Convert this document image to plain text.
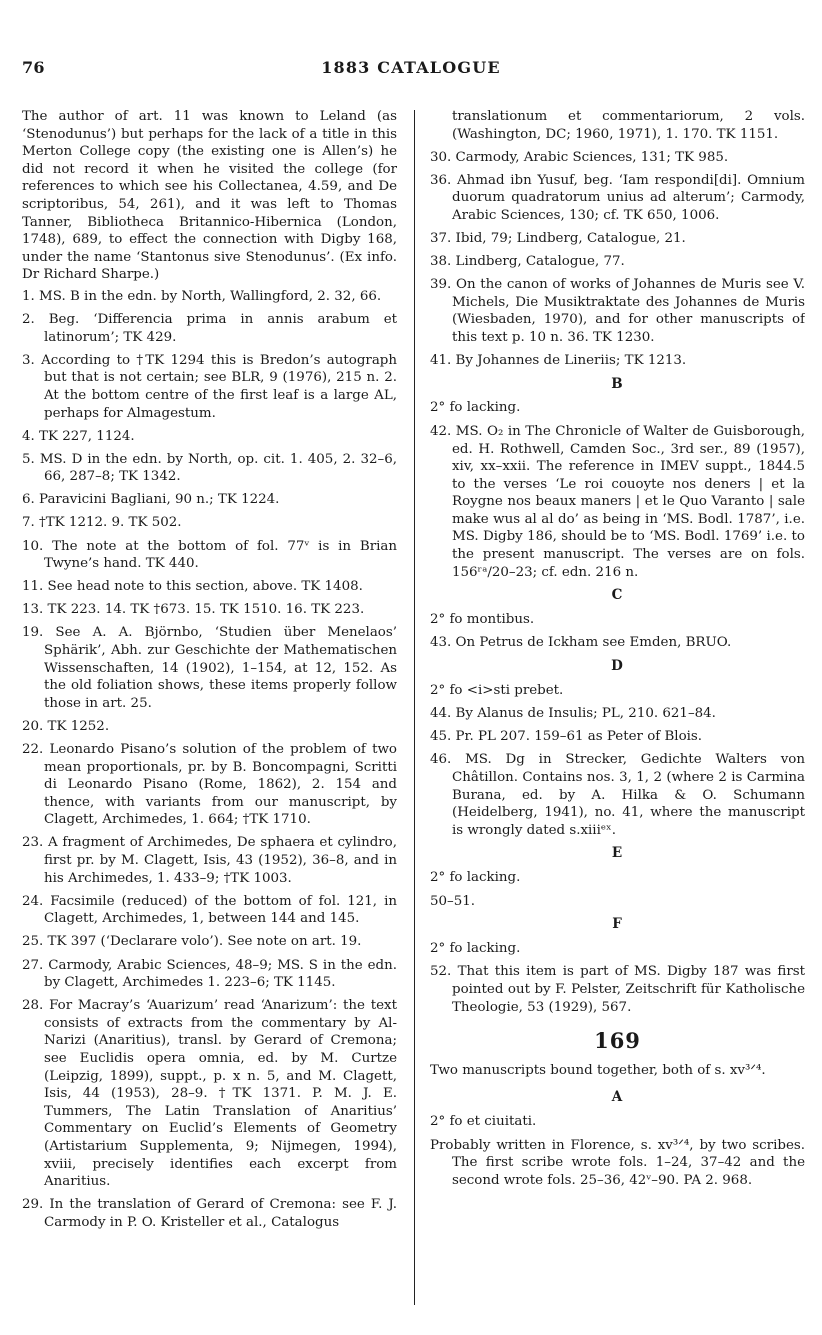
76	1883 CATALOGUE

The author of art. 11 was known to Leland (as ‘Stenodunus’) but perhaps for the lack of a title in this Merton College copy (the existing one is Allen’s) he did not record it when he visited the college (for references to which see his Collectanea, 4.59, and De scriptoribus, 54, 261), and it was left to Thomas Tanner, Bibliotheca Britannico-Hibernica (London, 1748), 689, to effect the connection with Digby 168, under the name ‘Stantonus sive Stenodunus’. (Ex info. Dr Richard Sharpe.)

1. MS. B in the edn. by North, Wallingford, 2. 32, 66.

2. Beg. ‘Differencia prima in annis arabum et latinorum’; TK 429.

3. According to †TK 1294 this is Bredon’s autograph but that is not certain; see BLR, 9 (1976), 215 n. 2. At the bottom centre of the first leaf is a large AL, perhaps for Almagestum.

4. TK 227, 1124.

5. MS. D in the edn. by North, op. cit. 1. 405, 2. 32–6, 66, 287–8; TK 1342.

6. Paravicini Bagliani, 90 n.; TK 1224.

7. †TK 1212. 9. TK 502.

10. The note at the bottom of fol. 77ᵛ is in Brian Twyne’s hand. TK 440.

11. See head note to this section, above. TK 1408.

13. TK 223. 14. TK †673. 15. TK 1510. 16. TK 223.

19. See A. A. Björnbo, ‘Studien über Menelaos’ Sphärik’, Abh. zur Geschichte der Mathematischen Wissenschaften, 14 (1902), 1–154, at 12, 152. As the old foliation shows, these items properly follow those in art. 25.

20. TK 1252.

22. Leonardo Pisano’s solution of the problem of two mean proportionals, pr. by B. Boncompagni, Scritti di Leonardo Pisano (Rome, 1862), 2. 154 and thence, with variants from our manuscript, by Clagett, Archimedes, 1. 664; †TK 1710.

23. A fragment of Archimedes, De sphaera et cylindro, first pr. by M. Clagett, Isis, 43 (1952), 36–8, and in his Archimedes, 1. 433–9; †TK 1003.

24. Facsimile (reduced) of the bottom of fol. 121, in Clagett, Archimedes, 1, between 144 and 145.

25. TK 397 (‘Declarare volo’). See note on art. 19.

27. Carmody, Arabic Sciences, 48–9; MS. S in the edn. by Clagett, Archimedes 1. 223–6; TK 1145.

28. For Macray’s ‘Auarizum’ read ‘Anarizum’: the text consists of extracts from the commentary by Al-Narizi (Anaritius), transl. by Gerard of Cremona; see Euclidis opera omnia, ed. by M. Curtze (Leipzig, 1899), suppt., p. x n. 5, and M. Clagett, Isis, 44 (1953), 28–9. †TK 1371. P. M. J. E. Tummers, The Latin Translation of Anaritius’ Commentary on Euclid’s Elements of Geometry (Artistarium Supplementa, 9; Nijmegen, 1994), xviii, precisely identifies each excerpt from Anaritius.

29. In the translation of Gerard of Cremona: see F. J. Carmody in P. O. Kristeller et al., Catalogus

translationum et commentariorum, 2 vols. (Washington, DC; 1960, 1971), 1. 170. TK 1151.

30. Carmody, Arabic Sciences, 131; TK 985.

36. Ahmad ibn Yusuf, beg. ‘Iam respondi[di]. Omnium duorum quadratorum unius ad alterum’; Carmody, Arabic Sciences, 130; cf. TK 650, 1006.

37. Ibid, 79; Lindberg, Catalogue, 21.

38. Lindberg, Catalogue, 77.

39. On the canon of works of Johannes de Muris see V. Michels, Die Musiktraktate des Johannes de Muris (Wiesbaden, 1970), and for other manuscripts of this text p. 10 n. 36. TK 1230.

41. By Johannes de Lineriis; TK 1213.

B

2° fo lacking.

42. MS. O₂ in The Chronicle of Walter de Guisborough, ed. H. Rothwell, Camden Soc., 3rd ser., 89 (1957), xiv, xx–xxii. The reference in IMEV suppt., 1844.5 to the verses ‘Le roi couoyte nos deners | et la Roygne nos beaux maners | et le Quo Varanto | sale make wus al al do’ as being in ‘MS. Bodl. 1787’, i.e. MS. Digby 186, should be to ‘MS. Bodl. 1769’ i.e. to the present manuscript. The verses are on fols. 156ʳᵃ/20–23; cf. edn. 216 n.

C

2° fo montibus.

43. On Petrus de Ickham see Emden, BRUO.

D

2° fo <i>sti prebet.

44. By Alanus de Insulis; PL, 210. 621–84.

45. Pr. PL 207. 159–61 as Peter of Blois.

46. MS. Dg in Strecker, Gedichte Walters von Châtillon. Contains nos. 3, 1, 2 (where 2 is Carmina Burana, ed. by A. Hilka & O. Schumann (Heidelberg, 1941), no. 41, where the manuscript is wrongly dated s.xiiiᵉˣ.

E

2° fo lacking.

50–51.

F

2° fo lacking.

52. That this item is part of MS. Digby 187 was first pointed out by F. Pelster, Zeitschrift für Katholische Theologie, 53 (1929), 567.

169

Two manuscripts bound together, both of s. xv³ᐟ⁴.

A

2° fo et ciuitati.

Probably written in Florence, s. xv³ᐟ⁴, by two scribes. The first scribe wrote fols. 1–24, 37–42 and the second wrote fols. 25–36, 42ᵛ–90. PA 2. 968.
